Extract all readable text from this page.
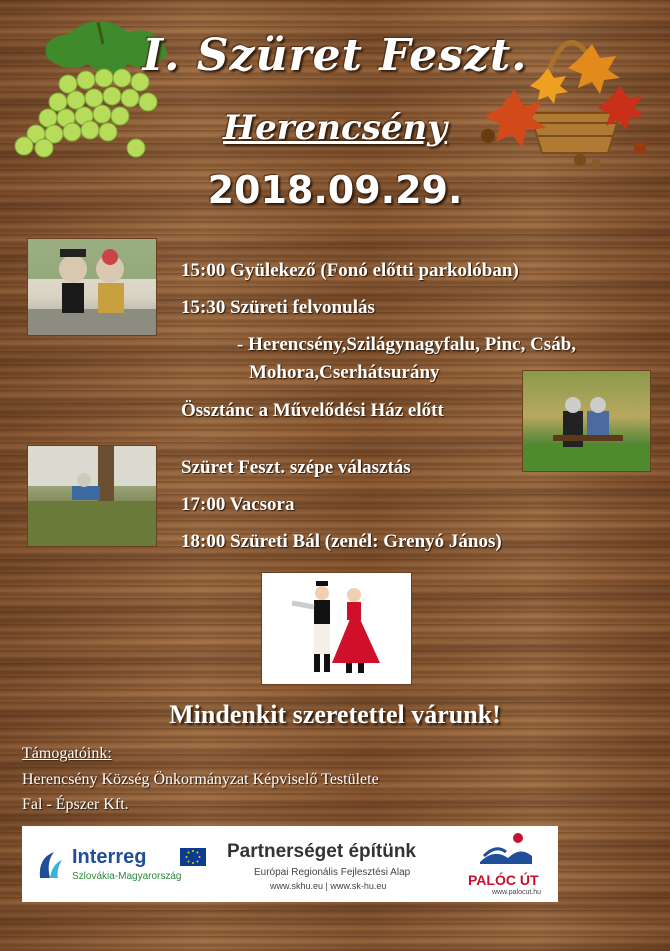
I. Szüret Feszt.
Herencsény
2018.09.29.
15:00 Gyülekező (Fonó előtti parkolóban)
15:30 Szüreti felvonulás
- Herencsény,Szilágynagyfalu, Pinc, Csáb,
Mohora,Cserhátsurány
Össztánc a Művelődési Ház előtt
Szüret Feszt. szépe választás
17:00 Vacsora
18:00 Szüreti Bál (zenél: Grenyó János)
Mindenkit szeretettel várunk!
Támogatóink:
Herencsény Község Önkormányzat Képviselő Testülete
Fal - Épszer Kft.
Interreg
Szlovákia-Magyarország
Partnerséget építünk
Európai Regionális Fejlesztési Alap
www.skhu.eu | www.sk-hu.eu	PALÓC ÚT
www.palocut.hu
